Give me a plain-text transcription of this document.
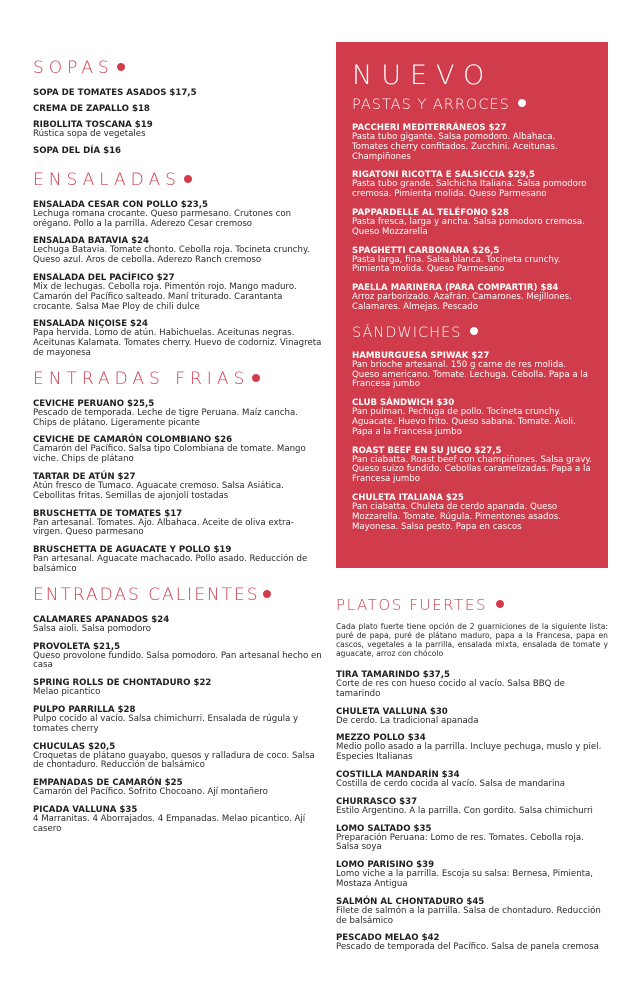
SOPAS
SOPA DE TOMATES ASADOS $17,5
CREMA DE ZAPALLO $18
RIBOLLITA TOSCANA $19
Rústica sopa de vegetales
SOPA DEL DÍA $16
ENSALADAS
ENSALADA CESAR CON POLLO $23,5
Lechuga romana crocante. Queso parmesano. Crutones con orégano. Pollo a la parrilla. Aderezo Cesar cremoso
ENSALADA BATAVIA $24
Lechuga Batavia. Tomate chonto. Cebolla roja. Tocineta crunchy. Queso azul. Aros de cebolla. Aderezo Ranch cremoso
ENSALADA DEL PACÍFICO $27
Mix de lechugas. Cebolla roja. Pimentón rojo. Mango maduro. Camarón del Pacífico salteado. Maní triturado. Carantanta crocante. Salsa Mae Ploy de chili dulce
ENSALADA NIÇOISE $24
Papa hervida. Lomo de atún. Habichuelas. Aceitunas negras. Aceitunas Kalamata. Tomates cherry. Huevo de codorniz. Vinagreta de mayonesa
ENTRADAS FRIAS
CEVICHE PERUANO $25,5
Pescado de temporada. Leche de tigre Peruana. Maíz cancha. Chips de plátano. Ligeramente picante
CEVICHE DE CAMARÓN COLOMBIANO $26
Camarón del Pacífico. Salsa tipo Colombiana de tomate. Mango viche. Chips de plátano
TARTAR DE ATÚN $27
Atún fresco de Tumaco. Aguacate cremoso. Salsa Asiática. Cebollitas fritas. Semillas de ajonjolí tostadas
BRUSCHETTA DE TOMATES $17
Pan artesanal. Tomates. Ajo. Albahaca. Aceite de oliva extra-virgen. Queso parmesano
BRUSCHETTA DE AGUACATE Y POLLO $19
Pan artesanal. Aguacate machacado. Pollo asado. Reducción de balsámico
ENTRADAS CALIENTES
CALAMARES APANADOS $24
Salsa aioli. Salsa pomodoro
PROVOLETA $21,5
Queso provolone fundido. Salsa pomodoro. Pan artesanal hecho en casa
SPRING ROLLS DE CHONTADURO $22
Melao picantico
PULPO PARRILLA $28
Pulpo cocido al vacío. Salsa chimichurri. Ensalada de rúgula y tomates cherry
CHUCULAS $20,5
Croquetas de plátano guayabo, quesos y ralladura de coco. Salsa de chontaduro. Reducción de balsámico
EMPANADAS DE CAMARÓN $25
Camarón del Pacífico. Sofrito Chocoano. Ají montañero
PICADA VALLUNA $35
4 Marranitas. 4 Aborrajados. 4 Empanadas. Melao picantico. Ají casero
NUEVO
PASTAS Y ARROCES
PACCHERI MEDITERRÁNEOS $27
Pasta tubo gigante. Salsa pomodoro. Albahaca. Tomates cherry confitados. Zucchini. Aceitunas. Champiñones
RIGATONI RICOTTA E SALSICCIA $29,5
Pasta tubo grande. Salchicha Italiana. Salsa pomodoro cremosa. Pimienta molida. Queso Parmesano
PAPPARDELLE AL TELÉFONO $28
Pasta fresca, larga y ancha. Salsa pomodoro cremosa. Queso Mozzarella
SPAGHETTI CARBONARA $26,5
Pasta larga, fina. Salsa blanca. Tocineta crunchy. Pimienta molida. Queso Parmesano
PAELLA MARINERA (PARA COMPARTIR) $84
Arroz parborizado. Azafrán. Camarones. Mejillones. Calamares. Almejas. Pescado
SÁNDWICHES
HAMBURGUESA SPIWAK $27
Pan brioche artesanal. 150 g carne de res molida. Queso americano. Tomate. Lechuga. Cebolla. Papa a la Francesa jumbo
CLUB SÁNDWICH $30
Pan pulman. Pechuga de pollo. Tocineta crunchy. Aguacate. Huevo frito. Queso sabana. Tomate. Aioli. Papa a la Francesa jumbo
ROAST BEEF EN SU JUGO $27,5
Pan ciabatta. Roast beef con champiñones. Salsa gravy. Queso suizo fundido. Cebollas caramelizadas. Papa a la Francesa jumbo
CHULETA ITALIANA $25
Pan ciabatta. Chuleta de cerdo apanada. Queso Mozzarella. Tomate. Rúgula. Pimentones asados. Mayonesa. Salsa pesto. Papa en cascos
PLATOS FUERTES

Cada plato fuerte tiene opción de 2 guarniciones de la siguiente lista: puré de papa, puré de plátano maduro, papa a la Francesa, papa en cascos, vegetales a la parrilla, ensalada mixta, ensalada de tomate y aguacate, arroz con chócolo

TIRA TAMARINDO $37,5
Corte de res con hueso cocido al vacío. Salsa BBQ de tamarindo
CHULETA VALLUNA $30
De cerdo. La tradicional apanada
MEZZO POLLO $34
Medio pollo asado a la parrilla. Incluye pechuga, muslo y piel. Especies Italianas
COSTILLA MANDARÍN $34
Costilla de cerdo cocida al vacío. Salsa de mandarina
CHURRASCO $37
Estilo Argentino. A la parrilla. Con gordito. Salsa chimichurri
LOMO SALTADO $35
Preparación Peruana: Lomo de res. Tomates. Cebolla roja. Salsa soya
LOMO PARISINO $39
Lomo viche a la parrilla. Escoja su salsa: Bernesa, Pimienta, Mostaza Antigua
SALMÓN AL CHONTADURO $45
Filete de salmón a la parrilla. Salsa de chontaduro. Reducción de balsámico
PESCADO MELAO $42
Pescado de temporada del Pacífico. Salsa de panela cremosa
